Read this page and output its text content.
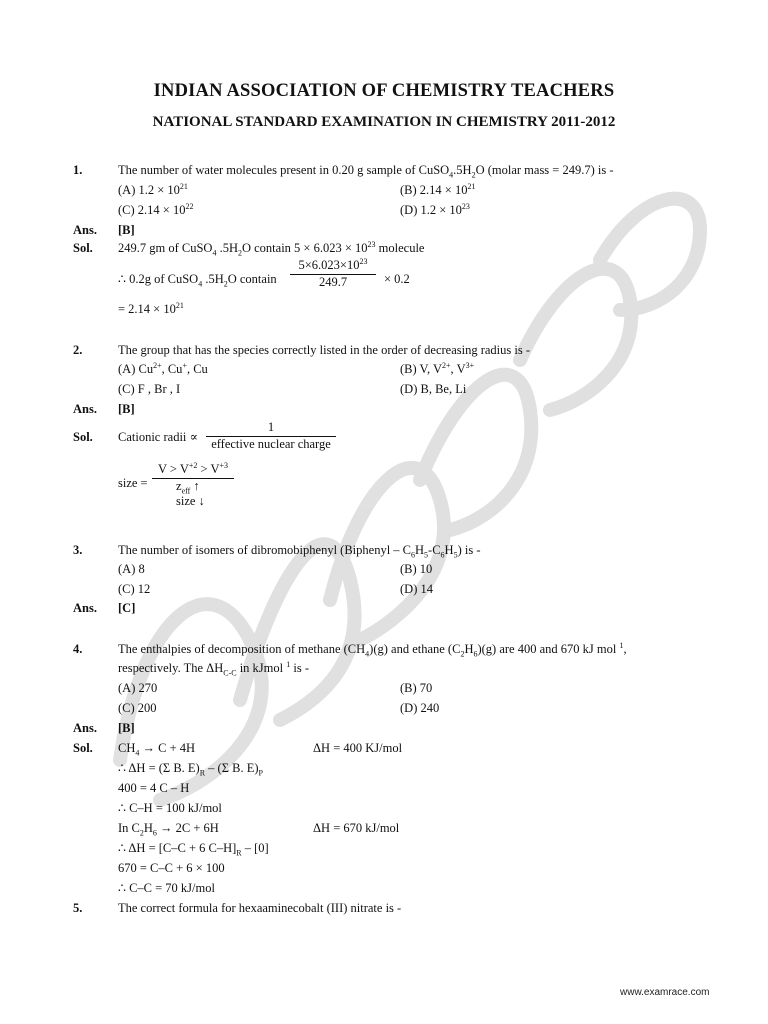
INDIAN ASSOCIATION OF CHEMISTRY TEACHERS
NATIONAL STANDARD EXAMINATION IN CHEMISTRY 2011-2012
1.	The number of water molecules present in 0.20 g sample of $CuSO_4.5H_2O$ (molar mass = 249.7) is -
(A) $1.2 \times 10^{21}$	(B) $2.14 \times 10^{21}$
(C) $2.14 \times 10^{22}$	(D) $1.2 \times 10^{23}$
Ans. [B]
Sol. 249.7 gm of CuSO$_4$ $.5H_2O$ contain $5 \times 6.023 \times 10^{23}$ molecule
∴ 0.2g of CuSO$_4$ $.5H_2O$ contain $\frac{5\times 6.023\times 10^{23}}{249.7} \times 0.2$
= $2.14 \times 10^{21}$
2.	The group that has the species correctly listed in the order of decreasing radius is -
(A) $Cu^{2+}$, Cu+, Cu	(B) V, $V^{2+}$, $V^{3+}$
(C) F , Br , I	(D) B, Be, Li
Ans. [B]
Sol. Cationic radii ∝
1
effective nuclear charge
size =
$V > V^{+2} > V^{+3}$
$z_{eff}$ ↑
size ↓
3.	The number of isomers of dibromobiphenyl (Biphenyl – $C_6H_5-C_6H_5$) is -
(A) 8	(B) 10
(C) 12	(D) 14
Ans. [C]
4.	The enthalpies of decomposition of methane $(CH_4)(g)$ and ethane $(C_2H_6)(g)$ are 400 and 670 kJ mol $^1$,
respectively. The $\Delta H_{C-C}$ in kJmol $^1$ is -
(A) 270	(B) 70
(C) 200	(D) 240
Ans. [B]
Sol. $CH_4 \to C + 4H$	ΔH = 400 KJ/mol
∴ ΔH = (Σ B. $E)_R - (\Sigma$ B. $E)_P$
400 = 4 C – H
∴ C–H = 100 kJ/mol
In $C_2H_6 \to 2C + 6H$	ΔH = 670 kJ/mol
∴ ΔH = [C–C + 6 $C-H]_R - [0]$
670 = C–C + 6 × 100
∴ C–C = 70 kJ/mol
5.	The correct formula for hexaaminecobalt (III) nitrate is -
www.examrace.com
